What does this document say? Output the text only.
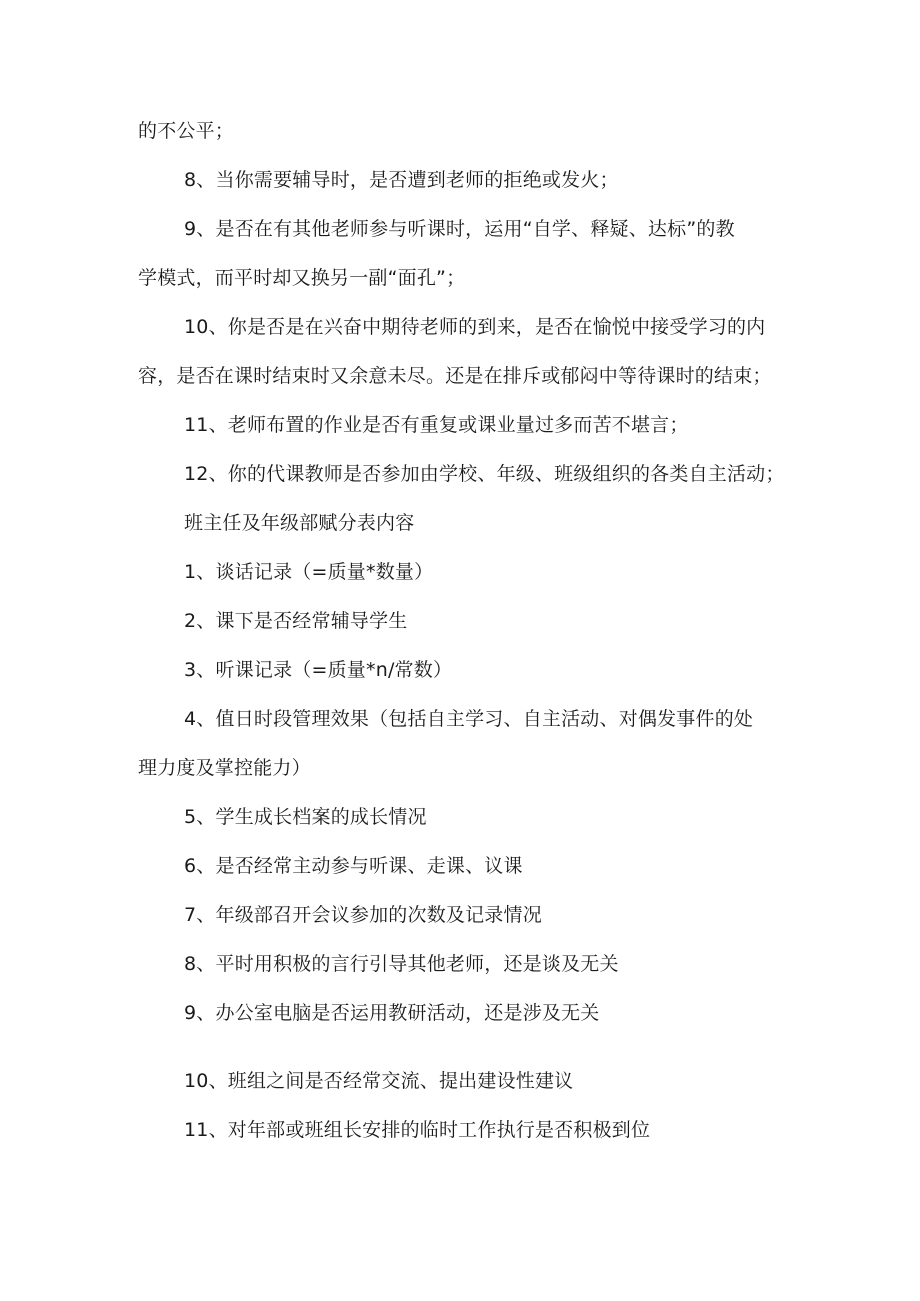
的不公平；
8、当你需要辅导时，是否遭到老师的拒绝或发火；
9、是否在有其他老师参与听课时，运用“自学、释疑、达标”的教
学模式，而平时却又换另一副“面孔”；
10、你是否是在兴奋中期待老师的到来，是否在愉悦中接受学习的内
容，是否在课时结束时又余意未尽。还是在排斥或郁闷中等待课时的结束；
11、老师布置的作业是否有重复或课业量过多而苦不堪言；
12、你的代课教师是否参加由学校、年级、班级组织的各类自主活动；
班主任及年级部赋分表内容
1、谈话记录（=质量*数量）
2、课下是否经常辅导学生
3、听课记录（=质量*n/常数）
4、值日时段管理效果（包括自主学习、自主活动、对偶发事件的处
理力度及掌控能力）
5、学生成长档案的成长情况
6、是否经常主动参与听课、走课、议课
7、年级部召开会议参加的次数及记录情况
8、平时用积极的言行引导其他老师，还是谈及无关
9、办公室电脑是否运用教研活动，还是涉及无关
10、班组之间是否经常交流、提出建设性建议
11、对年部或班组长安排的临时工作执行是否积极到位
